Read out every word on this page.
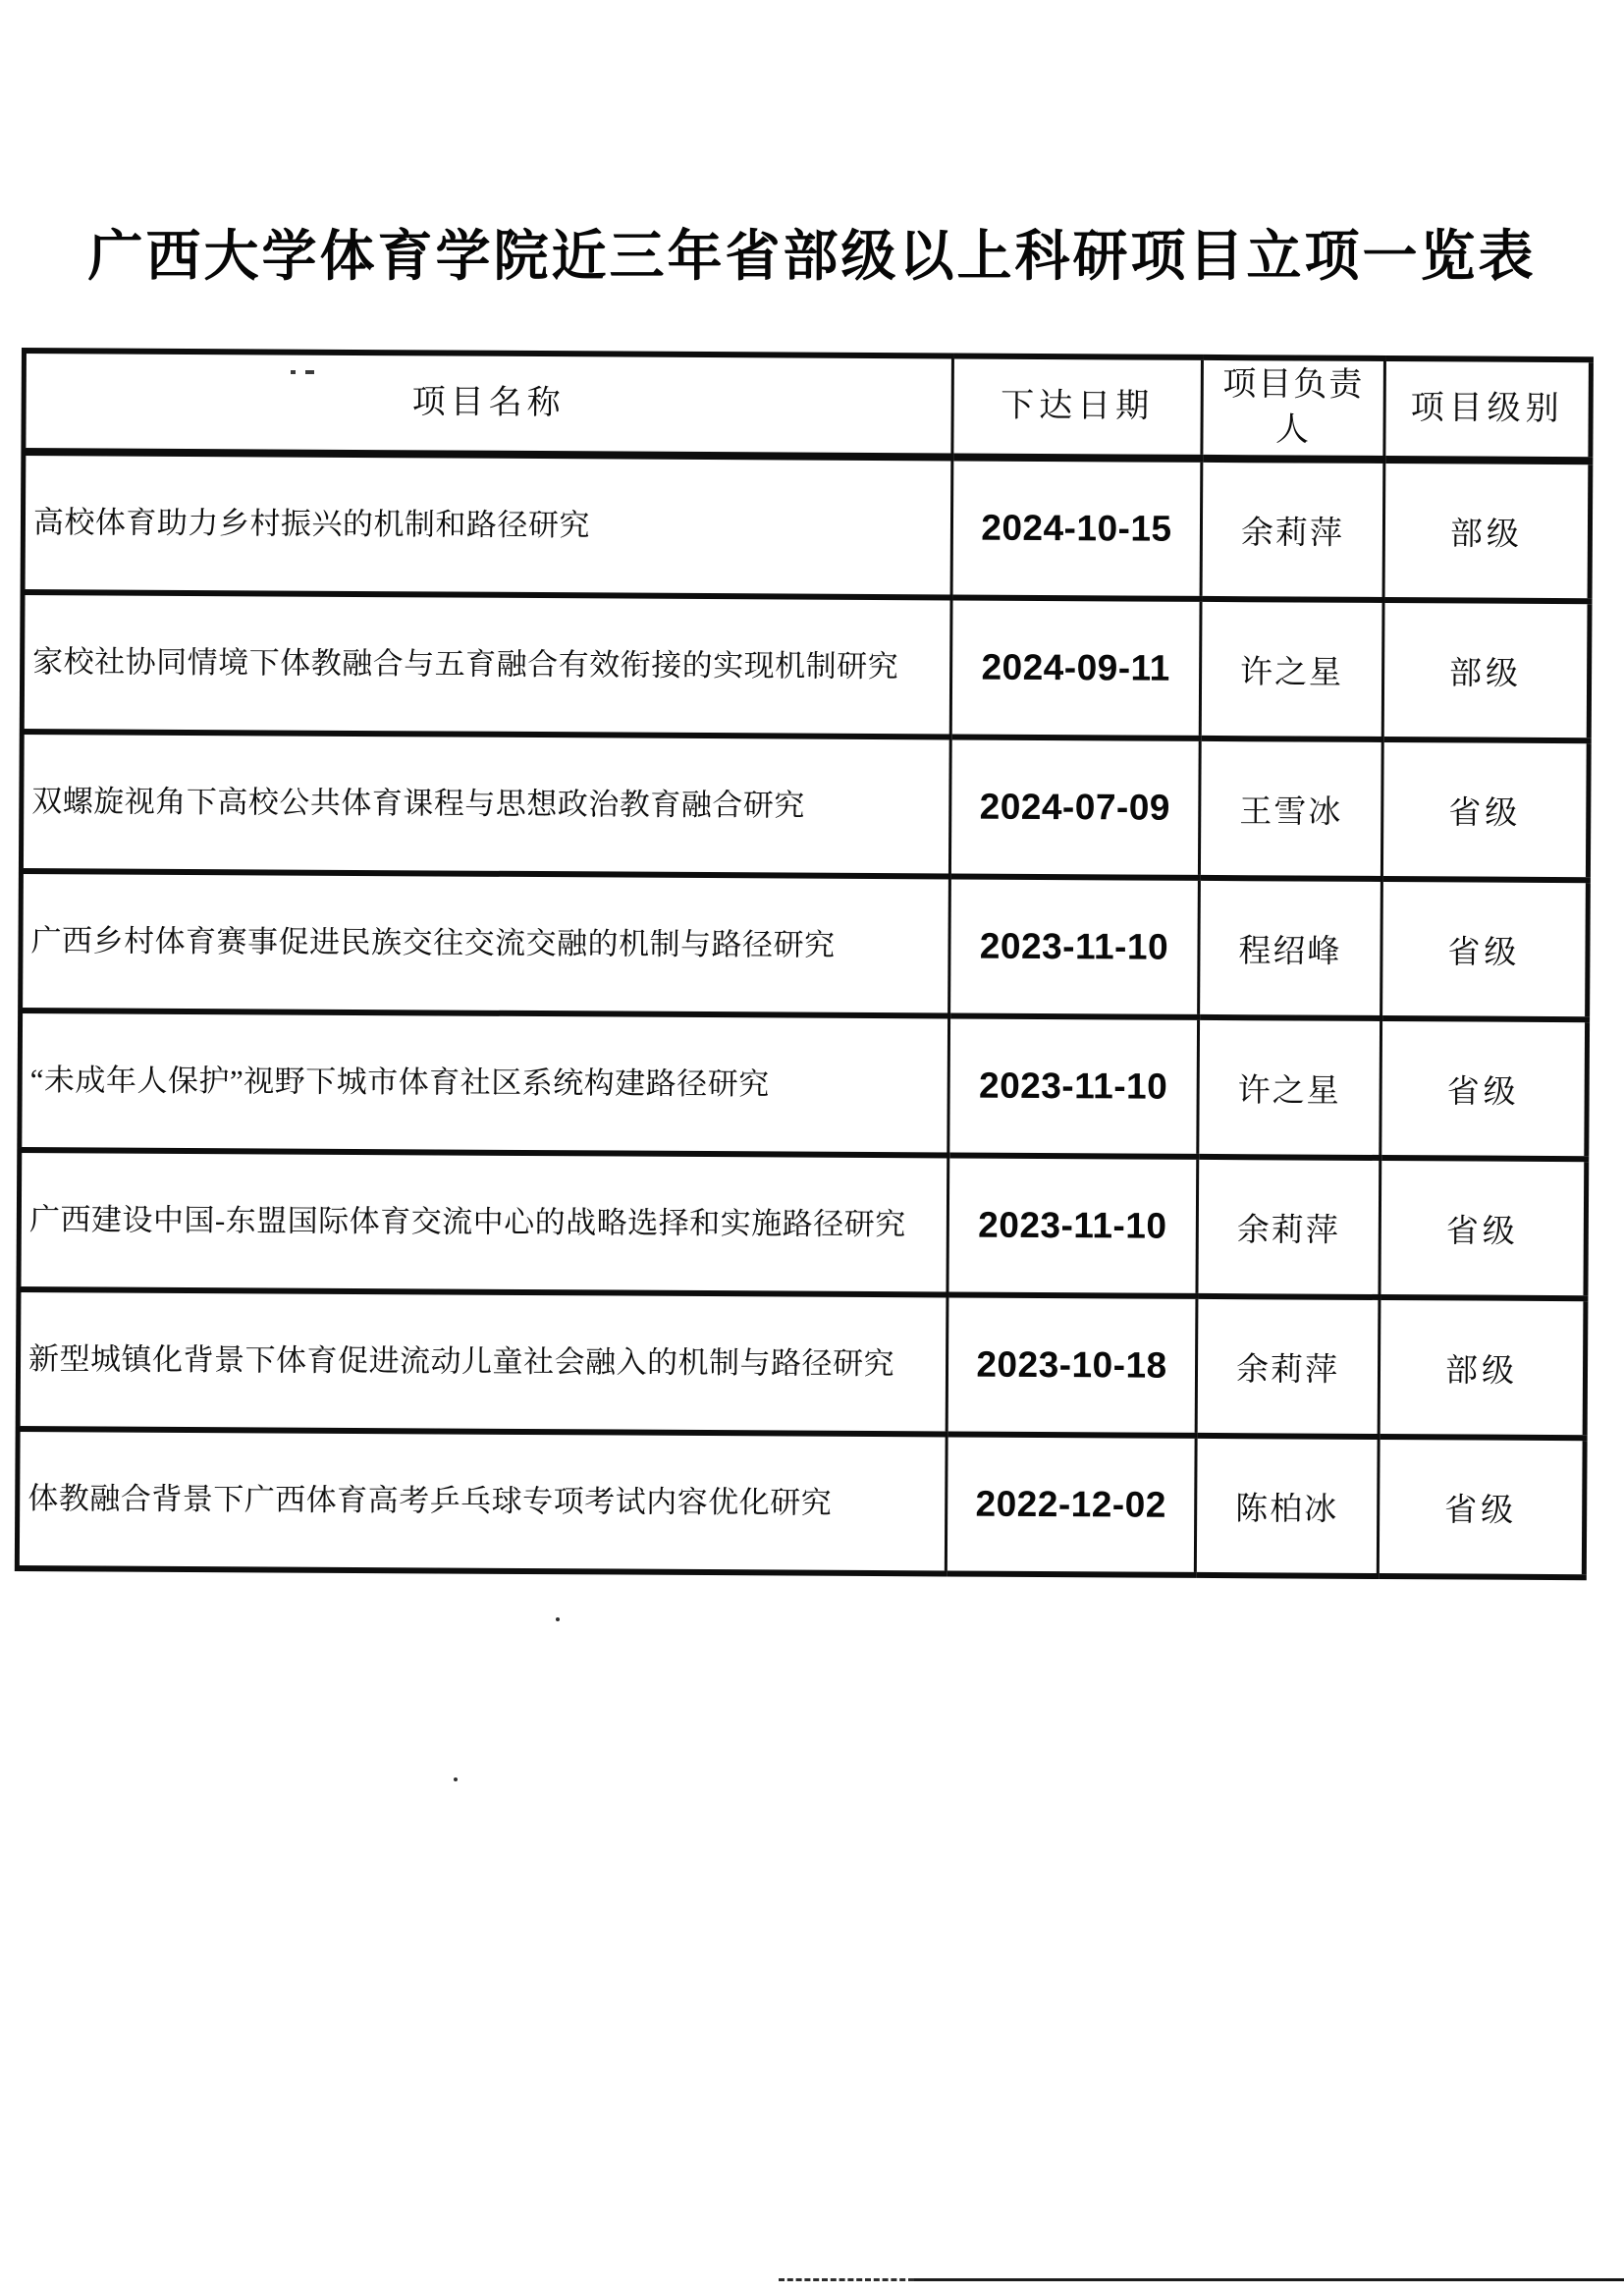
广西大学体育学院近三年省部级以上科研项目立项一览表
项目名称	下达日期	项目负责人	项目级别
高校体育助力乡村振兴的机制和路径研究	2024-10-15	余莉萍	部级
家校社协同情境下体教融合与五育融合有效衔接的实现机制研究	2024-09-11	许之星	部级
双螺旋视角下高校公共体育课程与思想政治教育融合研究	2024-07-09	王雪冰	省级
广西乡村体育赛事促进民族交往交流交融的机制与路径研究	2023-11-10	程绍峰	省级
“未成年人保护”视野下城市体育社区系统构建路径研究	2023-11-10	许之星	省级
广西建设中国-东盟国际体育交流中心的战略选择和实施路径研究	2023-11-10	余莉萍	省级
新型城镇化背景下体育促进流动儿童社会融入的机制与路径研究	2023-10-18	余莉萍	部级
体教融合背景下广西体育高考乒乓球专项考试内容优化研究	2022-12-02	陈柏冰	省级
